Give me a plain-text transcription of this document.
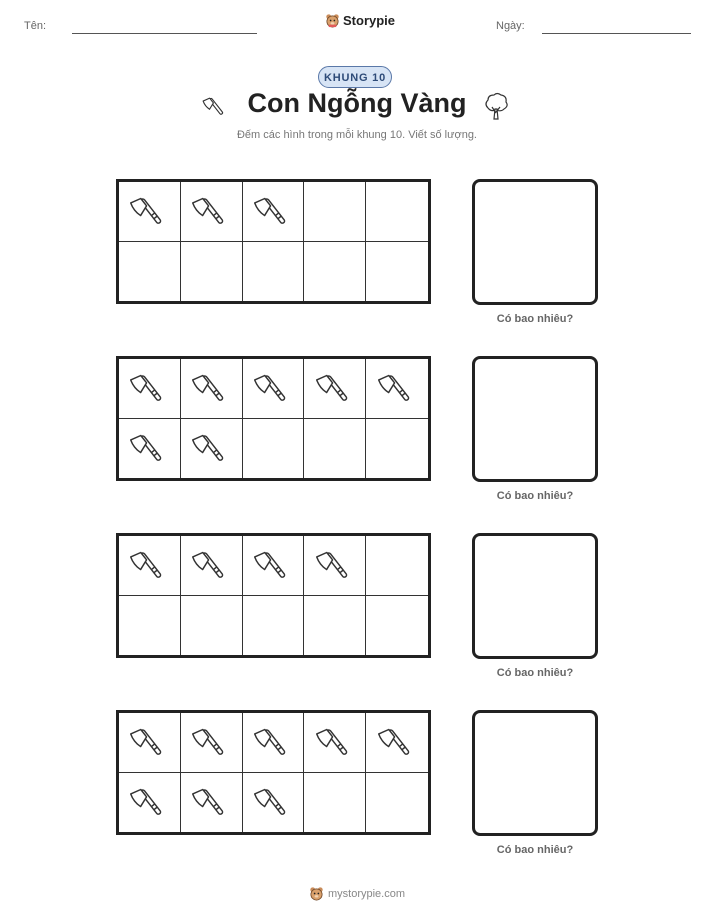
Tên:	Storypie	Ngày:
KHUNG 10
Con Ngỗng Vàng
Đếm các hình trong mỗi khung 10. Viết số lượng.
Có bao nhiêu?
Có bao nhiêu?
Có bao nhiêu?
Có bao nhiêu?
mystorypie.com
